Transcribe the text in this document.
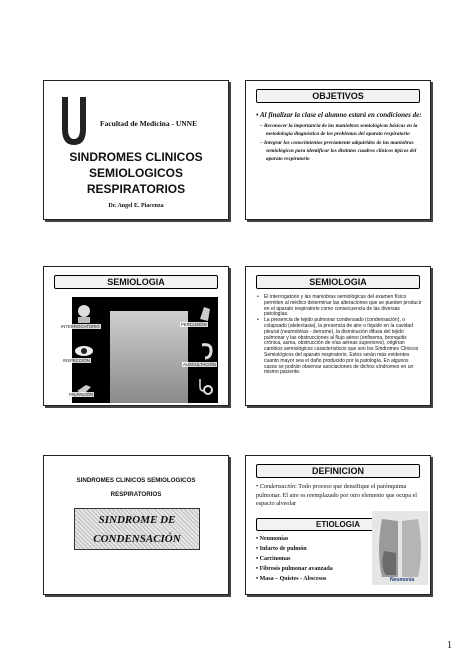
Facultad de Medicina - UNNE
SINDROMES CLINICOS
SEMIOLOGICOS
RESPIRATORIOS
Dr. Angel E. Piacenza
OBJETIVOS
• Al finalizar la clase el alumno estará en condiciones de:
– Reconocer la importancia de las maniobras semiológicas básicas en la metodología diagnóstica de los problemas del aparato respiratorio
– Integrar los conocimientos previamente adquiridos de las maniobras semiológicas para identificar los distintos cuadros clínicos típicos del aparato respiratorio
SEMIOLOGIA
INTERROGATORIO	PERCUSIÓN
INSPECCIÓN
AUSCULTACIÓN
PALPACIÓN
SEMIOLOGIA
• El interrogatorio y las maniobras semiológicas del examen físico permiten al médico determinar las alteraciones que se pueden producir en el aparato respiratorio como consecuencia de las diversas patologías.
• La presencia de tejido pulmonar condensado (condensación), o colapsado (atelectasia), la presencia de aire o líquido en la cavidad pleural (neumotórax - derrame), la disminución difusa del tejido pulmonar y las obstrucciones al flujo aéreo (enfisema, bronquitis crónica, asma, obstrucción de vías aéreas superiores), originan cambios semiológicos característicos que son los Síndromes Clínicos Semiológicos del aparato respiratorio. Estos serán más evidentes cuanto mayor sea el daño producido por la patología. En algunos casos se podrán observar asociaciones de dichos síndromes en un mismo paciente.
SINDROMES CLINICOS SEMIOLOGICOS
RESPIRATORIOS
SINDROME DE
CONDENSACIÓN
DEFINICION
• Condensación: Todo proceso que densifique el parénquima pulmonar. El aire es reemplazado por otro elemento que ocupa el espacio alveolar
ETIOLOGIA
• Neumonías
• Infarto de pulmón
• Carcinomas
• Fibrosis pulmonar avanzada
• Masa – Quistes - Abscesos	Neumonía
1
